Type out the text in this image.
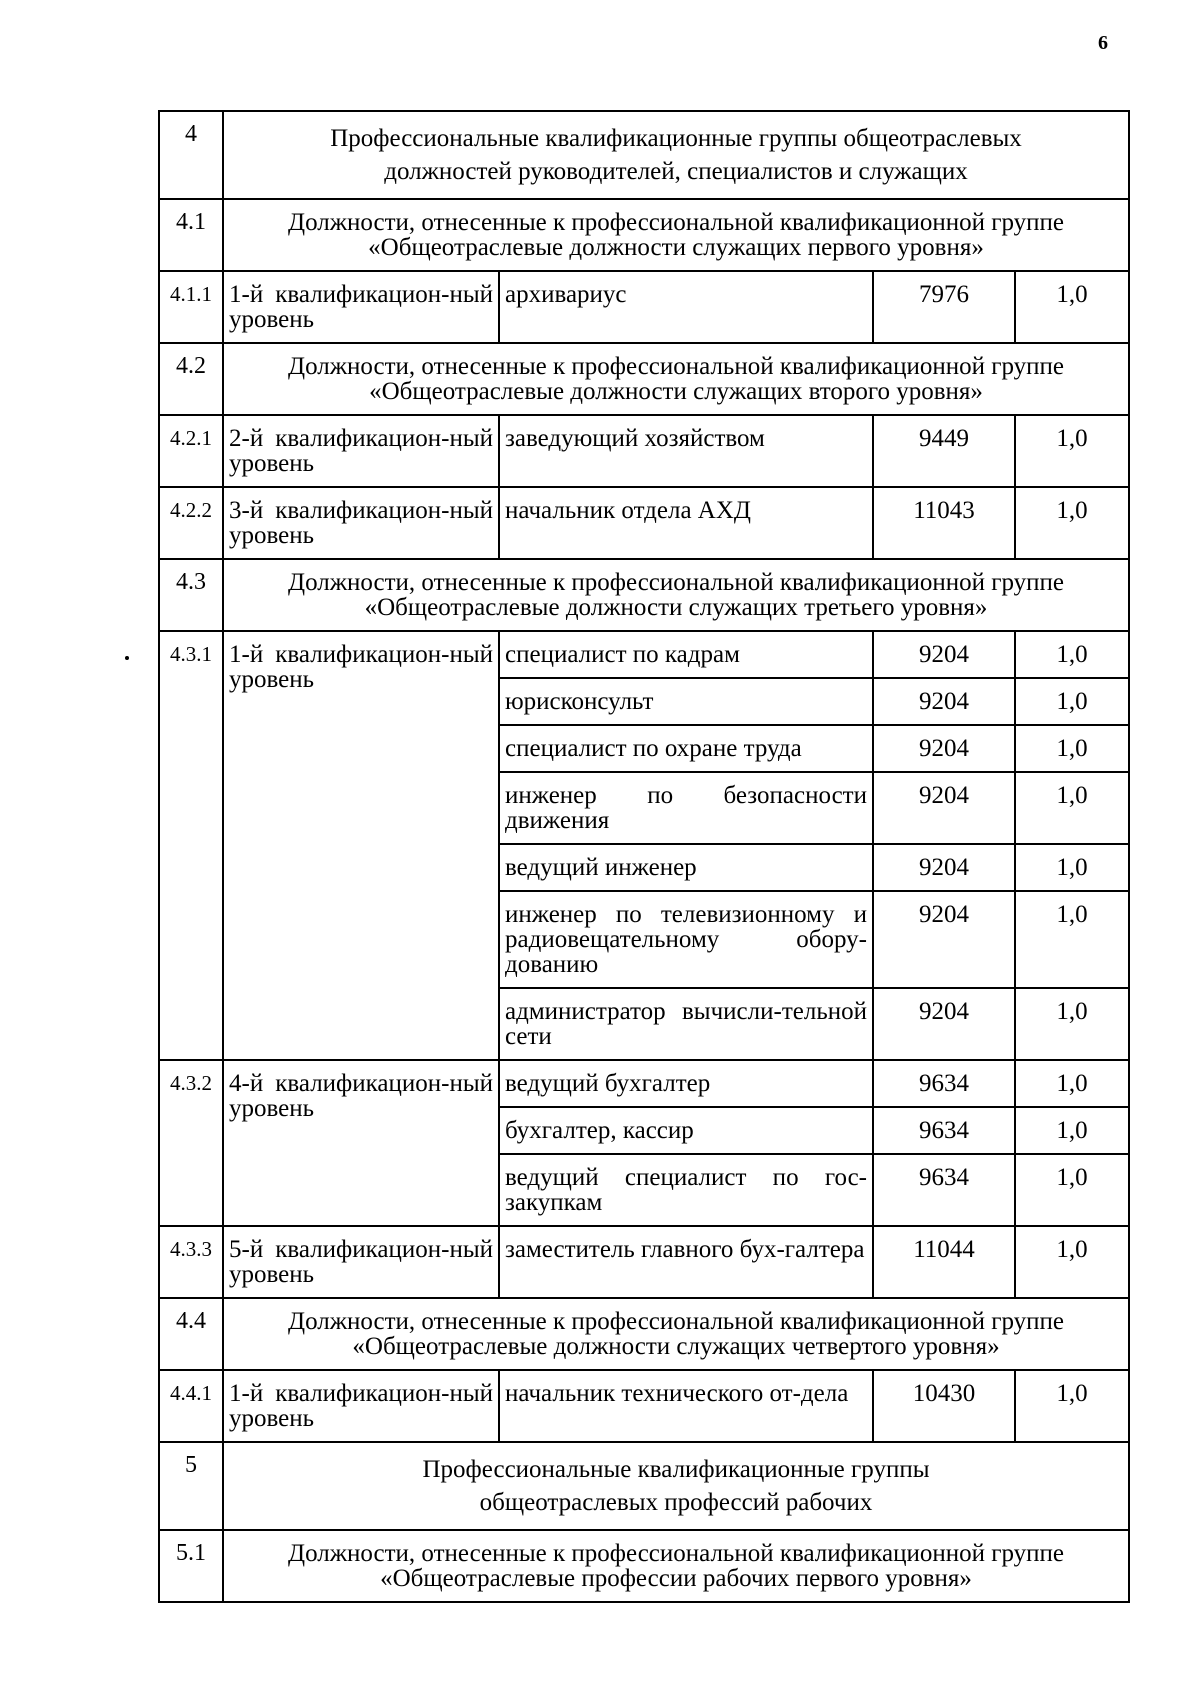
6
4	Профессиональные квалификационные группы общеотраслевых
должностей руководителей, специалистов и служащих			

4.1	Должности, отнесенные к профессиональной квалификационной группе
«Общеотраслевые должности служащих первого уровня»			

4.1.1	1-й квалификацион-ный уровень	архивариус	7976	1,0
4.2	Должности, отнесенные к профессиональной квалификационной группе
«Общеотраслевые должности служащих второго уровня»			

4.2.1	2-й квалификацион-ный уровень	заведующий хозяйством	9449	1,0
4.2.2	3-й квалификацион-ный уровень	начальник отдела АХД	11043	1,0
4.3	Должности, отнесенные к профессиональной квалификационной группе
«Общеотраслевые должности служащих третьего уровня»			

4.3.1	1-й квалификацион-ный уровень	специалист по кадрам	9204	1,0
		юрисконсульт	9204	1,0
		специалист по охране труда	9204	1,0
		инженер по безопасности движения	9204	1,0
		ведущий инженер	9204	1,0
		инженер по телевизионному и радиовещательному обору-дованию	9204	1,0
		администратор вычисли-тельной сети	9204	1,0
4.3.2	4-й квалификацион-ный уровень	ведущий бухгалтер	9634	1,0
		бухгалтер, кассир	9634	1,0
		ведущий специалист по гос-закупкам	9634	1,0
4.3.3	5-й квалификацион-ный уровень	заместитель главного бух-галтера	11044	1,0
4.4	Должности, отнесенные к профессиональной квалификационной группе
«Общеотраслевые должности служащих четвертого уровня»			

4.4.1	1-й квалификацион-ный уровень	начальник технического от-дела	10430	1,0
5	Профессиональные квалификационные группы
общеотраслевых профессий рабочих			

5.1	Должности, отнесенные к профессиональной квалификационной группе
«Общеотраслевые профессии рабочих первого уровня»			
